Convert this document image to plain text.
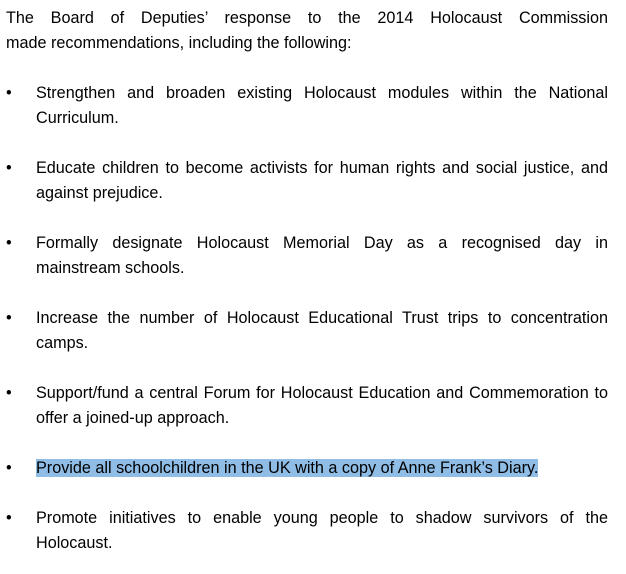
The Board of Deputies’ response to the 2014 Holocaust Commission
made recommendations, including the following:

•	Strengthen and broaden existing Holocaust modules within the National Curriculum.
•	Educate children to become activists for human rights and social justice, and against prejudice.
•	Formally designate Holocaust Memorial Day as a recognised day in mainstream schools.
•	Increase the number of Holocaust Educational Trust trips to concentration camps.
•	Support/fund a central Forum for Holocaust Education and Commemoration to offer a joined-up approach.
•	Provide all schoolchildren in the UK with a copy of Anne Frank’s Diary.
•	Promote initiatives to enable young people to shadow survivors of the Holocaust.
